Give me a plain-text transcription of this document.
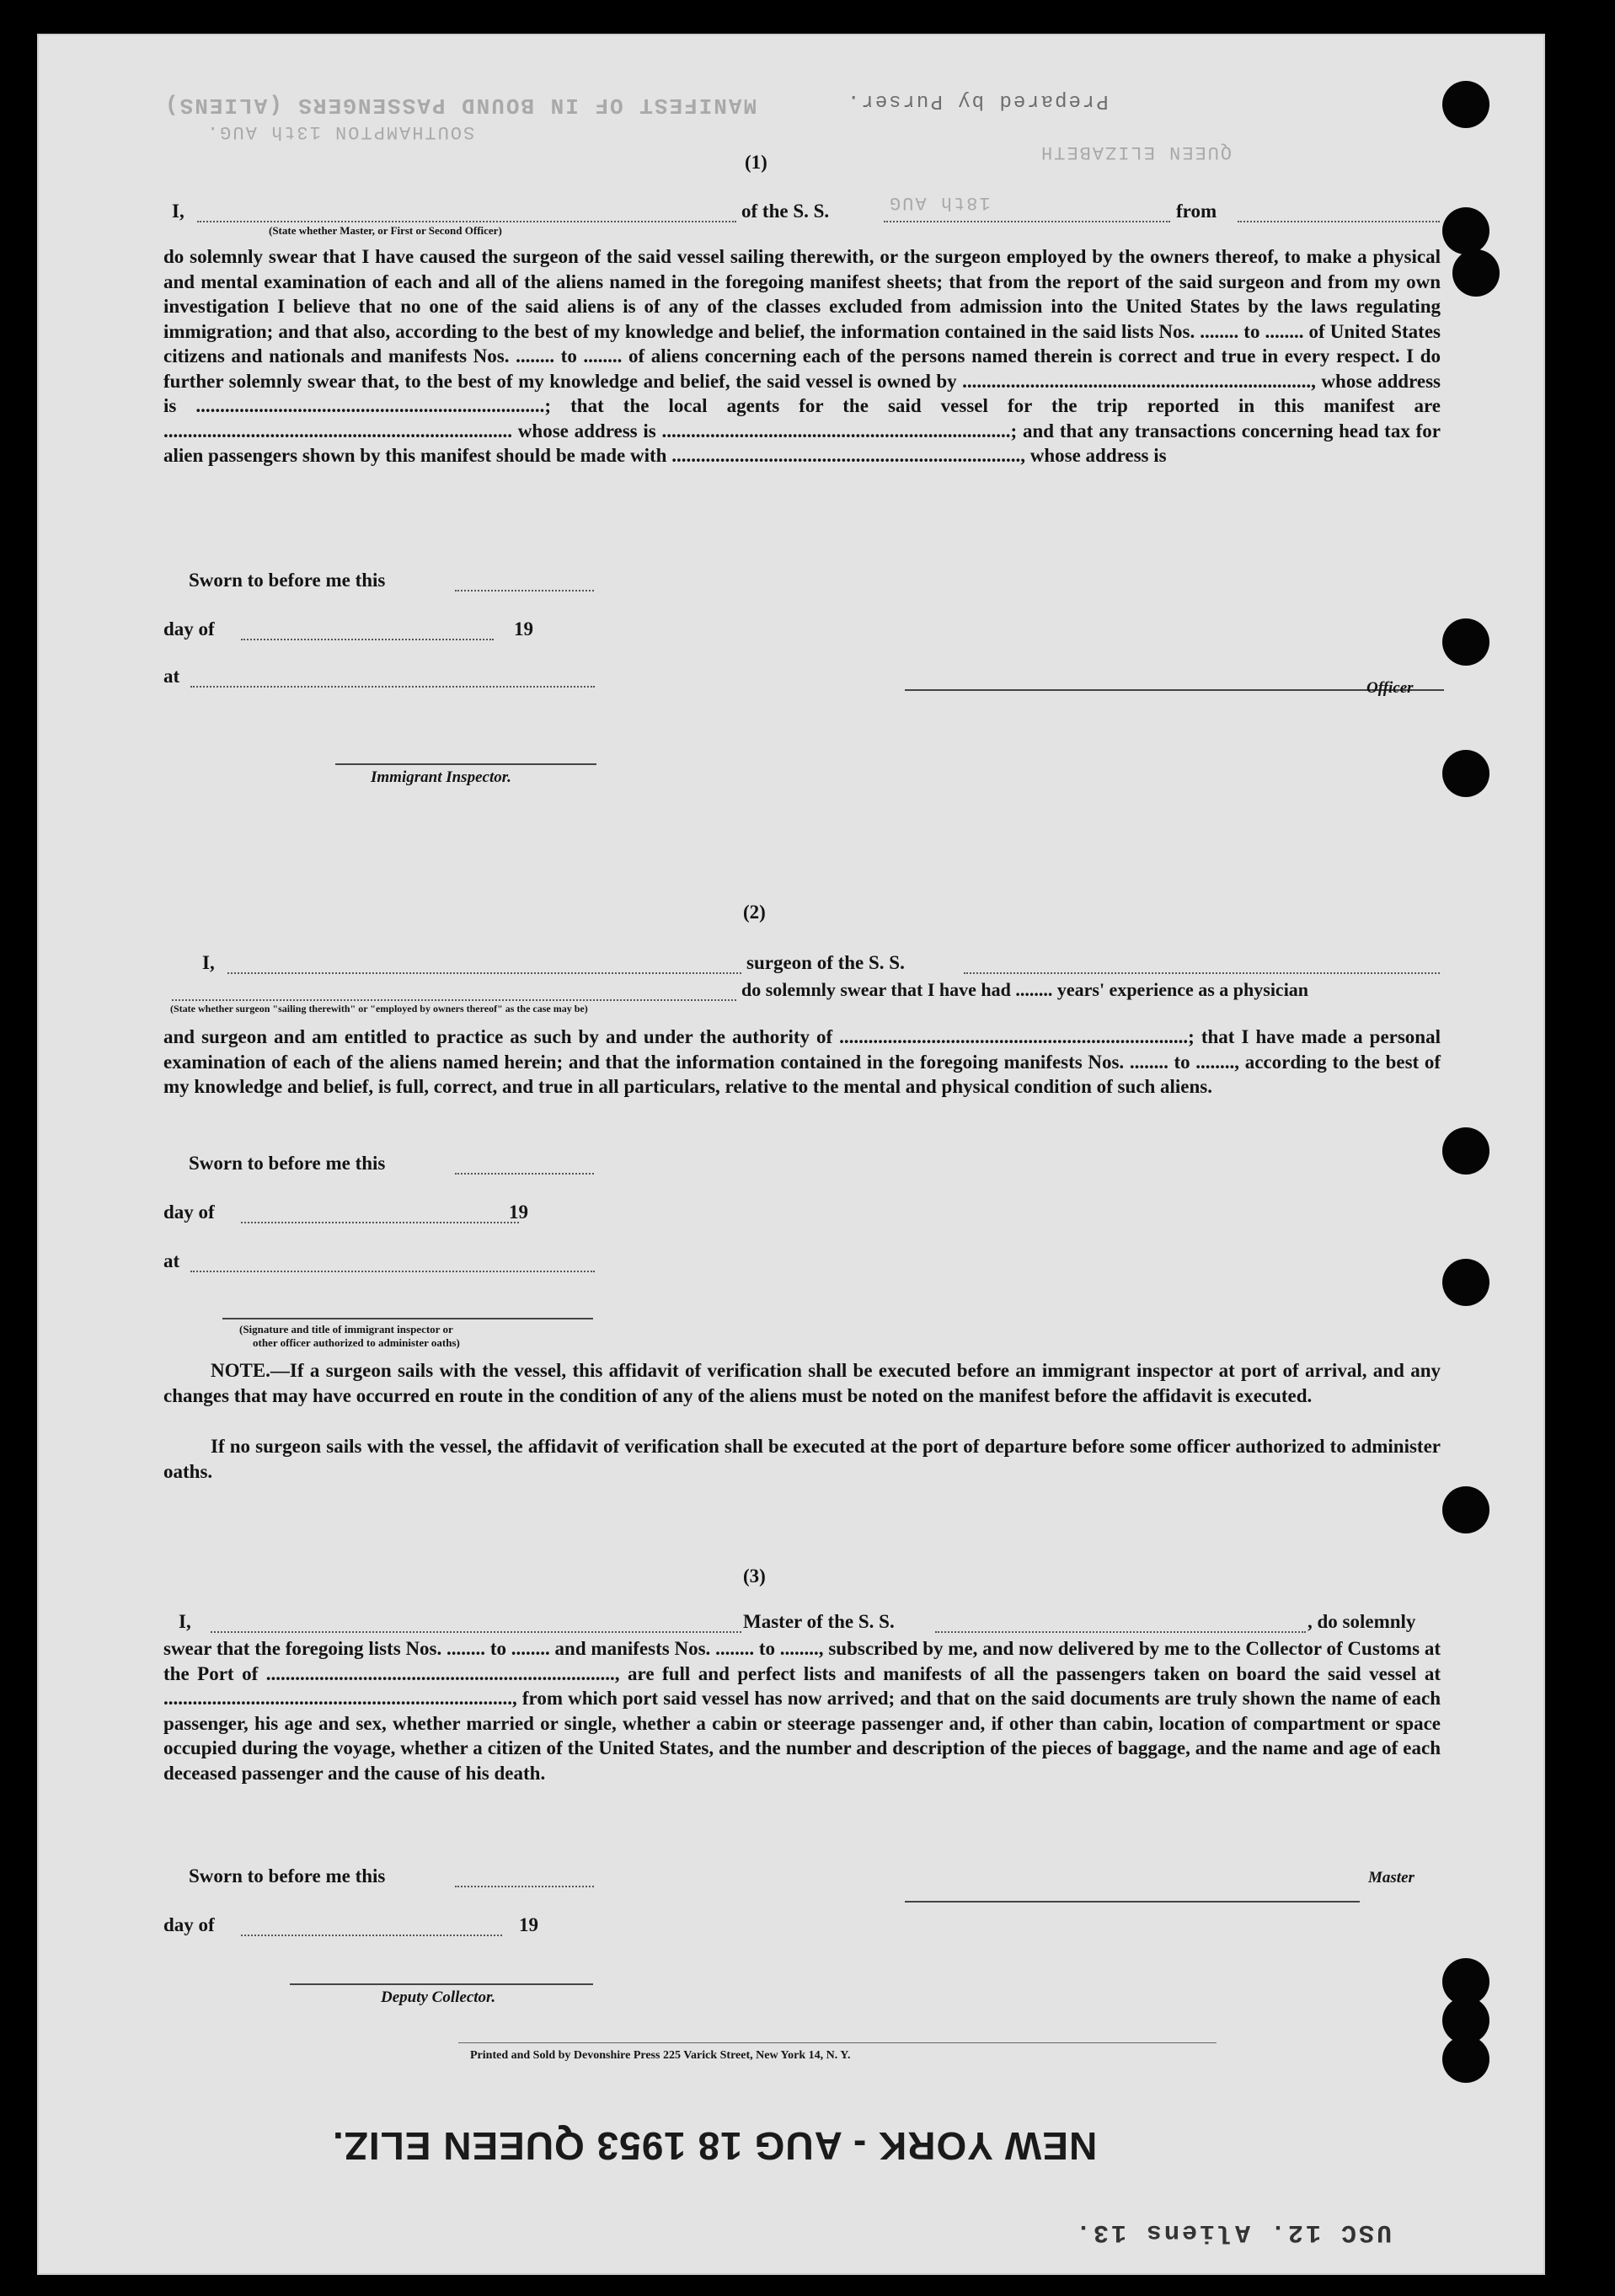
MANIFEST OF IN BOUND PASSENGERS (ALIENS)
SOUTHAMPTON 13th AUG.
Prepared by Purser.
18th AUG
QUEEN ELIZABETH
(1)
I,	of the S. S.	from
(State whether Master, or First or Second Officer)
do solemnly swear that I have caused the surgeon of the said vessel sailing therewith, or the surgeon employed by the owners thereof, to make a physical and mental examination of each and all of the aliens named in the foregoing manifest sheets; that from the report of the said surgeon and from my own investigation I believe that no one of the said aliens is of any of the classes excluded from admission into the United States by the laws regulating immigration; and that also, according to the best of my knowledge and belief, the information contained in the said lists Nos. ........ to ........ of United States citizens and nationals and manifests Nos. ........ to ........ of aliens concerning each of the persons named therein is correct and true in every respect. I do further solemnly swear that, to the best of my knowledge and belief, the said vessel is owned by ........................................................................, whose address is ........................................................................; that the local agents for the said vessel for the trip reported in this manifest are ........................................................................ whose address is ........................................................................; and that any transactions concerning head tax for alien passengers shown by this manifest should be made with ........................................................................, whose address is
Sworn to before me this
day of	19
at
Immigrant Inspector.
Officer
(2)
I,	surgeon of the S. S.
do solemnly swear that I have had ........ years' experience as a physician
(State whether surgeon "sailing therewith" or "employed by owners thereof" as the case may be)
and surgeon and am entitled to practice as such by and under the authority of ........................................................................; that I have made a personal examination of each of the aliens named herein; and that the information contained in the foregoing manifests Nos. ........ to ........, according to the best of my knowledge and belief, is full, correct, and true in all particulars, relative to the mental and physical condition of such aliens.
Sworn to before me this
day of	19
at
(Signature and title of immigrant inspector or
other officer authorized to administer oaths)
NOTE.—If a surgeon sails with the vessel, this affidavit of verification shall be executed before an immigrant inspector at port of arrival, and any changes that may have occurred en route in the condition of any of the aliens must be noted on the manifest before the affidavit is executed.
If no surgeon sails with the vessel, the affidavit of verification shall be executed at the port of departure before some officer authorized to administer oaths.
(3)
I,	Master of the S. S.	, do solemnly
swear that the foregoing lists Nos. ........ to ........ and manifests Nos. ........ to ........, subscribed by me, and now delivered by me to the Collector of Customs at the Port of ........................................................................, are full and perfect lists and manifests of all the passengers taken on board the said vessel at ........................................................................, from which port said vessel has now arrived; and that on the said documents are truly shown the name of each passenger, his age and sex, whether married or single, whether a cabin or steerage passenger and, if other than cabin, location of compartment or space occupied during the voyage, whether a citizen of the United States, and the number and description of the pieces of baggage, and the name and age of each deceased passenger and the cause of his death.
Sworn to before me this
day of	19
Deputy Collector.
Master
Printed and Sold by Devonshire Press 225 Varick Street, New York 14, N. Y.
NEW YORK - AUG 18 1953 QUEEN ELIZ.
USC 12. Aliens 13.
